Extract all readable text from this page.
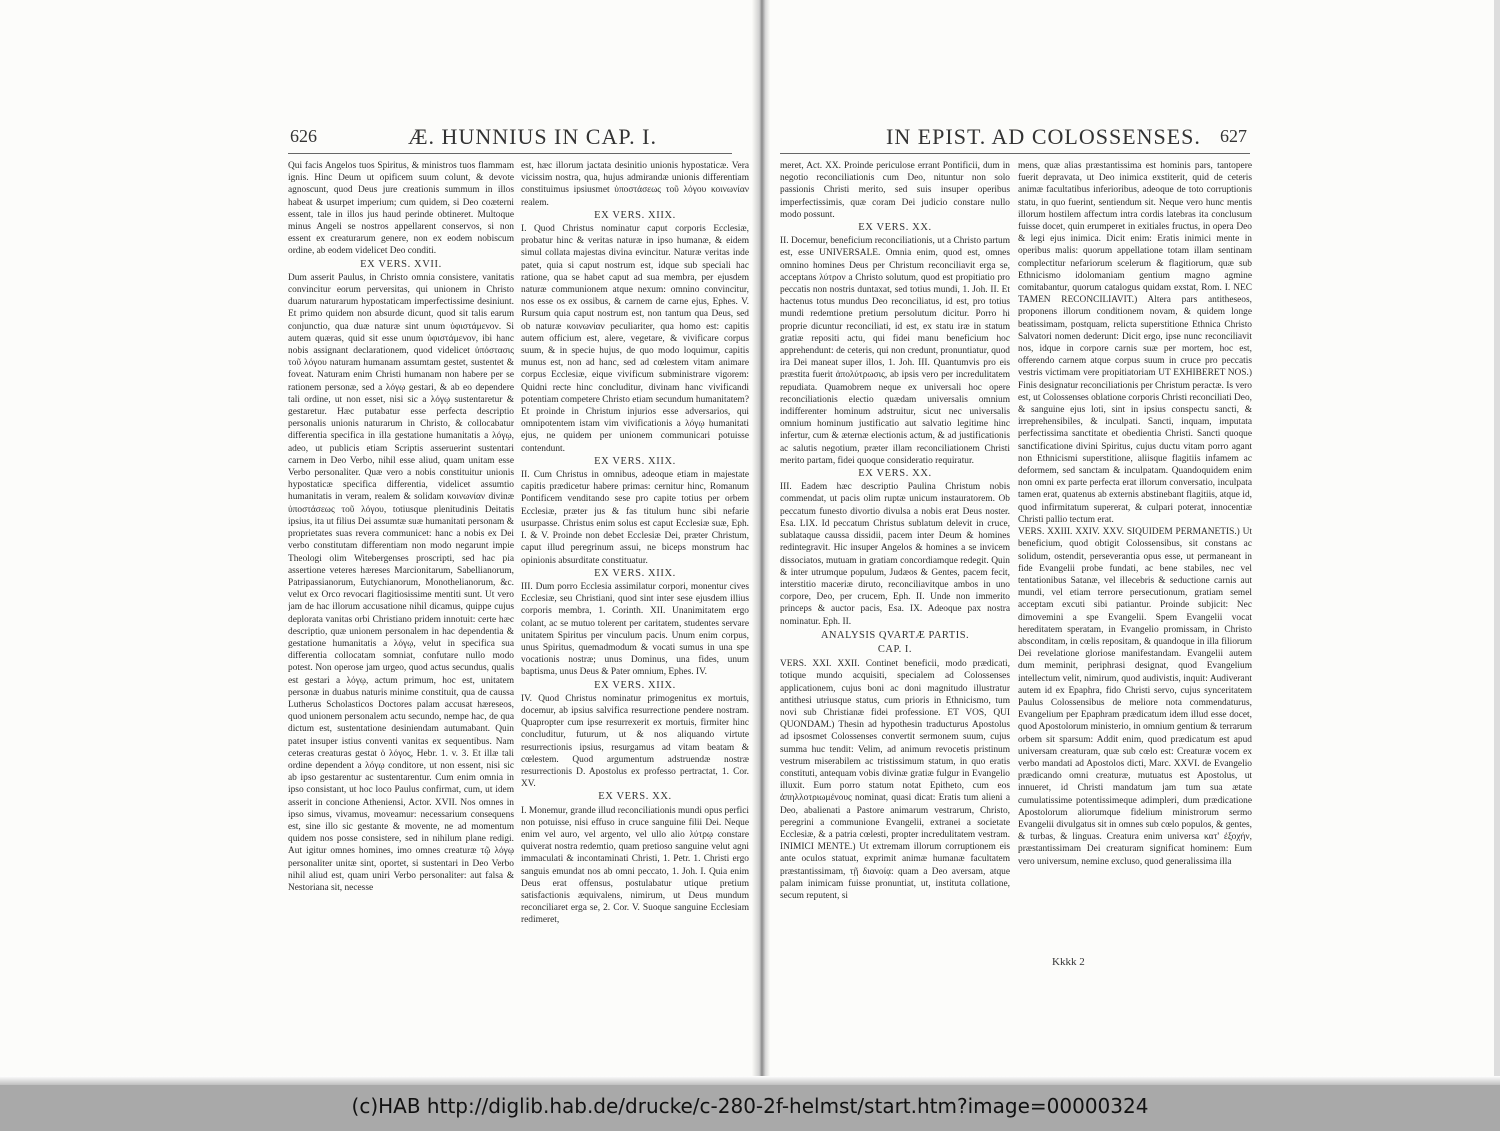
626	Æ. HUNNIUS IN CAP. I.

Qui facis Angelos tuos Spiritus, & ministros tuos flammam ignis. Hinc Deum ut opificem suum colunt, & devote agnoscunt, quod Deus jure creationis summum in illos habeat & usurpet imperium; cum quidem, si Deo coæterni essent, tale in illos jus haud perinde obtineret. Multoque minus Angeli se nostros appellarent conservos, si non essent ex creaturarum genere, non ex eodem nobiscum ordine, ab eodem videlicet Deo conditi.

EX VERS. XVII.

Dum asserit Paulus, in Christo omnia consistere, vanitatis convincitur eorum perversitas, qui unionem in Christo duarum naturarum hypostaticam imperfectissime desiniunt. Et primo quidem non absurde dicunt, quod sit talis earum conjunctio, qua duæ naturæ sint unum ὑφιστάμενον. Si autem quæras, quid sit esse unum ὑφιστάμενον, ibi hanc nobis assignant declarationem, quod videlicet ὑπόστασις τοῦ λόγου naturam humanam assumtam gestet, sustentet & foveat. Naturam enim Christi humanam non habere per se rationem personæ, sed a λόγῳ gestari, & ab eo dependere tali ordine, ut non esset, nisi sic a λόγῳ sustentaretur & gestaretur. Hæc putabatur esse perfecta descriptio personalis unionis naturarum in Christo, & collocabatur differentia specifica in illa gestatione humanitatis a λόγῳ, adeo, ut publicis etiam Scriptis asseruerint sustentari carnem in Deo Verbo, nihil esse aliud, quam unitam esse Verbo personaliter. Quæ vero a nobis constituitur unionis hypostaticæ specifica differentia, videlicet assumtio humanitatis in veram, realem & solidam κοινωνίαν divinæ ὑποστάσεως τοῦ λόγου, totiusque plenitudinis Deitatis ipsius, ita ut filius Dei assumtæ suæ humanitati personam & proprietates suas revera communicet: hanc a nobis ex Dei verbo constitutam differentiam non modo negarunt impie Theologi olim Witebergenses proscripti, sed hac pia assertione veteres hæreses Marcionitarum, Sabellianorum, Patripassianorum, Eutychianorum, Monothelianorum, &c. velut ex Orco revocari flagitiosissime mentiti sunt. Ut vero jam de hac illorum accusatione nihil dicamus, quippe cujus deplorata vanitas orbi Christiano pridem innotuit: certe hæc descriptio, quæ unionem personalem in hac dependentia & gestatione humanitatis a λόγῳ, velut in specifica sua differentia collocatam somniat, confutare nullo modo potest. Non operose jam urgeo, quod actus secundus, qualis est gestari a λόγῳ, actum primum, hoc est, unitatem personæ in duabus naturis minime constituit, qua de caussa Lutherus Scholasticos Doctores palam accusat hæreseos, quod unionem personalem actu secundo, nempe hac, de qua dictum est, sustentatione desiniendam autumabant. Quin patet insuper istius conventi vanitas ex sequentibus. Nam ceteras creaturas gestat ὁ λόγος, Hebr. 1. v. 3. Et illæ tali ordine dependent a λόγῳ conditore, ut non essent, nisi sic ab ipso gestarentur ac sustentarentur. Cum enim omnia in ipso consistant, ut hoc loco Paulus confirmat, cum, ut idem asserit in concione Atheniensi, Actor. XVII. Nos omnes in ipso simus, vivamus, moveamur: necessarium consequens est, sine illo sic gestante & movente, ne ad momentum quidem nos posse consistere, sed in nihilum plane redigi. Aut igitur omnes homines, imo omnes creaturæ τῷ λόγῳ personaliter unitæ sint, oportet, si sustentari in Deo Verbo nihil aliud est, quam uniri Verbo personaliter: aut falsa & Nestoriana sit, necesse

est, hæc illorum jactata desinitio unionis hypostaticæ. Vera vicissim nostra, qua, hujus admirandæ unionis differentiam constituimus ipsiusmet ὑποστάσεως τοῦ λόγου κοινωνίαν realem.

EX VERS. XIIX.

I. Quod Christus nominatur caput corporis Ecclesiæ, probatur hinc & veritas naturæ in ipso humanæ, & eidem simul collata majestas divina evincitur. Naturæ veritas inde patet, quia si caput nostrum est, idque sub speciali hac ratione, qua se habet caput ad sua membra, per ejusdem naturæ communionem atque nexum: omnino convincitur, nos esse os ex ossibus, & carnem de carne ejus, Ephes. V. Rursum quia caput nostrum est, non tantum qua Deus, sed ob naturæ κοινωνίαν peculiariter, qua homo est: capitis autem officium est, alere, vegetare, & vivificare corpus suum, & in specie hujus, de quo modo loquimur, capitis munus est, non ad hanc, sed ad cœlestem vitam animare corpus Ecclesiæ, eique vivificum subministrare vigorem: Quidni recte hinc concluditur, divinam hanc vivificandi potentiam competere Christo etiam secundum humanitatem? Et proinde in Christum injurios esse adversarios, qui omnipotentem istam vim vivificationis a λόγῳ humanitati ejus, ne quidem per unionem communicari potuisse contendunt.

EX VERS. XIIX.

II. Cum Christus in omnibus, adeoque etiam in majestate capitis prædicetur habere primas: cernitur hinc, Romanum Pontificem venditando sese pro capite totius per orbem Ecclesiæ, præter jus & fas titulum hunc sibi nefarie usurpasse. Christus enim solus est caput Ecclesiæ suæ, Eph. I. & V. Proinde non debet Ecclesiæ Dei, præter Christum, caput illud peregrinum assui, ne biceps monstrum hac opinionis absurditate constituatur.

EX VERS. XIIX.

III. Dum porro Ecclesia assimilatur corpori, monentur cives Ecclesiæ, seu Christiani, quod sint inter sese ejusdem illius corporis membra, 1. Corinth. XII. Unanimitatem ergo colant, ac se mutuo tolerent per caritatem, studentes servare unitatem Spiritus per vinculum pacis. Unum enim corpus, unus Spiritus, quemadmodum & vocati sumus in una spe vocationis nostræ; unus Dominus, una fides, unum baptisma, unus Deus & Pater omnium, Ephes. IV.

EX VERS. XIIX.

IV. Quod Christus nominatur primogenitus ex mortuis, docemur, ab ipsius salvifica resurrectione pendere nostram. Quapropter cum ipse resurrexerit ex mortuis, firmiter hinc concluditur, futurum, ut & nos aliquando virtute resurrectionis ipsius, resurgamus ad vitam beatam & cœlestem. Quod argumentum adstruendæ nostræ resurrectionis D. Apostolus ex professo pertractat, 1. Cor. XV.

EX VERS. XX.

I. Monemur, grande illud reconciliationis mundi opus perfici non potuisse, nisi effuso in cruce sanguine filii Dei. Neque enim vel auro, vel argento, vel ullo alio λύτρῳ constare quiverat nostra redemtio, quam pretioso sanguine velut agni immaculati & incontaminati Christi, 1. Petr. 1. Christi ergo sanguis emundat nos ab omni peccato, 1. Joh. I. Quia enim Deus erat offensus, postulabatur utique pretium satisfactionis æquivalens, nimirum, ut Deus mundum reconciliaret erga se, 2. Cor. V. Suoque sanguine Ecclesiam redimeret,

IN EPIST. AD COLOSSENSES. 627

meret, Act. XX. Proinde periculose errant Pontificii, dum in negotio reconciliationis cum Deo, nituntur non solo passionis Christi merito, sed suis insuper operibus imperfectissimis, quæ coram Dei judicio constare nullo modo possunt.

EX VERS. XX.

II. Docemur, beneficium reconciliationis, ut a Christo partum est, esse UNIVERSALE. Omnia enim, quod est, omnes omnino homines Deus per Christum reconciliavit erga se, acceptans λύτρον a Christo solutum, quod est propitiatio pro peccatis non nostris duntaxat, sed totius mundi, 1. Joh. II. Et hactenus totus mundus Deo reconciliatus, id est, pro totius mundi redemtione pretium persolutum dicitur. Porro hi proprie dicuntur reconciliati, id est, ex statu iræ in statum gratiæ repositi actu, qui fidei manu beneficium hoc apprehendunt: de ceteris, qui non credunt, pronuntiatur, quod ira Dei maneat super illos, 1. Joh. III. Quantumvis pro eis præstita fuerit ἀπολύτρωσις, ab ipsis vero per incredulitatem repudiata. Quamobrem neque ex universali hoc opere reconciliationis electio quædam universalis omnium indifferenter hominum adstruitur, sicut nec universalis omnium hominum justificatio aut salvatio legitime hinc infertur, cum & æternæ electionis actum, & ad justificationis ac salutis negotium, præter illam reconciliationem Christi merito partam, fidei quoque consideratio requiratur.

EX VERS. XX.

III. Eadem hæc descriptio Paulina Christum nobis commendat, ut pacis olim ruptæ unicum instauratorem. Ob peccatum funesto divortio divulsa a nobis erat Deus noster. Esa. LIX. Id peccatum Christus sublatum delevit in cruce, sublataque caussa dissidii, pacem inter Deum & homines redintegravit. Hic insuper Angelos & homines a se invicem dissociatos, mutuam in gratiam concordiamque redegit. Quin & inter utrumque populum, Judæos & Gentes, pacem fecit, interstitio maceriæ diruto, reconciliavitque ambos in uno corpore, Deo, per crucem, Eph. II. Unde non immerito princeps & auctor pacis, Esa. IX. Adeoque pax nostra nominatur. Eph. II.

ANALYSIS QVARTÆ PARTIS.
CAP. I.

VERS. XXI. XXII. Continet beneficii, modo prædicati, totique mundo acquisiti, specialem ad Colossenses applicationem, cujus boni ac doni magnitudo illustratur antithesi utriusque status, cum prioris in Ethnicismo, tum novi sub Christianæ fidei professione. ET VOS, QUI QUONDAM.) Thesin ad hypothesin traducturus Apostolus ad ipsosmet Colossenses convertit sermonem suum, cujus summa huc tendit: Velim, ad animum revocetis pristinum vestrum miserabilem ac tristissimum statum, in quo eratis constituti, antequam vobis divinæ gratiæ fulgur in Evangelio illuxit. Eum porro statum notat Epitheto, cum eos ἀπηλλοτριωμένους nominat, quasi dicat: Eratis tum alieni a Deo, abalienati a Pastore animarum vestrarum, Christo, peregrini a communione Evangelii, extranei a societate Ecclesiæ, & a patria cœlesti, propter incredulitatem vestram. INIMICI MENTE.) Ut extremam illorum corruptionem eis ante oculos statuat, exprimit animæ humanæ facultatem præstantissimam, τῇ διανοίᾳ: quam a Deo aversam, atque palam inimicam fuisse pronuntiat, ut, instituta collatione, secum reputent, si

mens, quæ alias præstantissima est hominis pars, tantopere fuerit depravata, ut Deo inimica exstiterit, quid de ceteris animæ facultatibus inferioribus, adeoque de toto corruptionis statu, in quo fuerint, sentiendum sit. Neque vero hunc mentis illorum hostilem affectum intra cordis latebras ita conclusum fuisse docet, quin erumperet in exitiales fructus, in opera Deo & legi ejus inimica. Dicit enim: Eratis inimici mente in operibus malis: quorum appellatione totam illam sentinam complectitur nefariorum scelerum & flagitiorum, quæ sub Ethnicismo idolomaniam gentium magno agmine comitabantur, quorum catalogus quidam exstat, Rom. I. NEC TAMEN RECONCILIAVIT.) Altera pars antitheseos, proponens illorum conditionem novam, & quidem longe beatissimam, postquam, relicta superstitione Ethnica Christo Salvatori nomen dederunt: Dicit ergo, ipse nunc reconciliavit nos, idque in corpore carnis suæ per mortem, hoc est, offerendo carnem atque corpus suum in cruce pro peccatis vestris victimam vere propitiatoriam UT EXHIBERET NOS.) Finis designatur reconciliationis per Christum peractæ. Is vero est, ut Colossenses oblatione corporis Christi reconciliati Deo, & sanguine ejus loti, sint in ipsius conspectu sancti, & irreprehensibiles, & inculpati. Sancti, inquam, imputata perfectissima sanctitate et obedientia Christi. Sancti quoque sanctificatione divini Spiritus, cujus ductu vitam porro agant non Ethnicismi superstitione, aliisque flagitiis infamem ac deformem, sed sanctam & inculpatam. Quandoquidem enim non omni ex parte perfecta erat illorum conversatio, inculpata tamen erat, quatenus ab externis abstinebant flagitiis, atque id, quod infirmitatum supererat, & culpari poterat, innocentiæ Christi pallio tectum erat.

VERS. XXIII. XXIV. XXV. SIQUIDEM PERMANETIS.) Ut beneficium, quod obtigit Colossensibus, sit constans ac solidum, ostendit, perseverantia opus esse, ut permaneant in fide Evangelii probe fundati, ac bene stabiles, nec vel tentationibus Satanæ, vel illecebris & seductione carnis aut mundi, vel etiam terrore persecutionum, gratiam semel acceptam excuti sibi patiantur. Proinde subjicit: Nec dimovemini a spe Evangelii. Spem Evangelii vocat hereditatem speratam, in Evangelio promissam, in Christo absconditam, in cœlis repositam, & quandoque in illa filiorum Dei revelatione gloriose manifestandam. Evangelii autem dum meminit, periphrasi designat, quod Evangelium intellectum velit, nimirum, quod audivistis, inquit: Audiverant autem id ex Epaphra, fido Christi servo, cujus synceritatem Paulus Colossensibus de meliore nota commendaturus, Evangelium per Epaphram prædicatum idem illud esse docet, quod Apostolorum ministerio, in omnium gentium & terrarum orbem sit sparsum: Addit enim, quod prædicatum est apud universam creaturam, quæ sub cœlo est: Creaturæ vocem ex verbo mandati ad Apostolos dicti, Marc. XXVI. de Evangelio prædicando omni creaturæ, mutuatus est Apostolus, ut innueret, id Christi mandatum jam tum sua ætate cumulatissime potentissimeque adimpleri, dum prædicatione Apostolorum aliorumque fidelium ministrorum sermo Evangelii divulgatus sit in omnes sub cœlo populos, & gentes, & turbas, & linguas. Creatura enim universa κατ' ἐξοχήν, præstantissimam Dei creaturam significat hominem: Eum vero universum, nemine excluso, quod generalissima illa

Kkkk 2
(c)HAB http://diglib.hab.de/drucke/c-280-2f-helmst/start.htm?image=00000324
